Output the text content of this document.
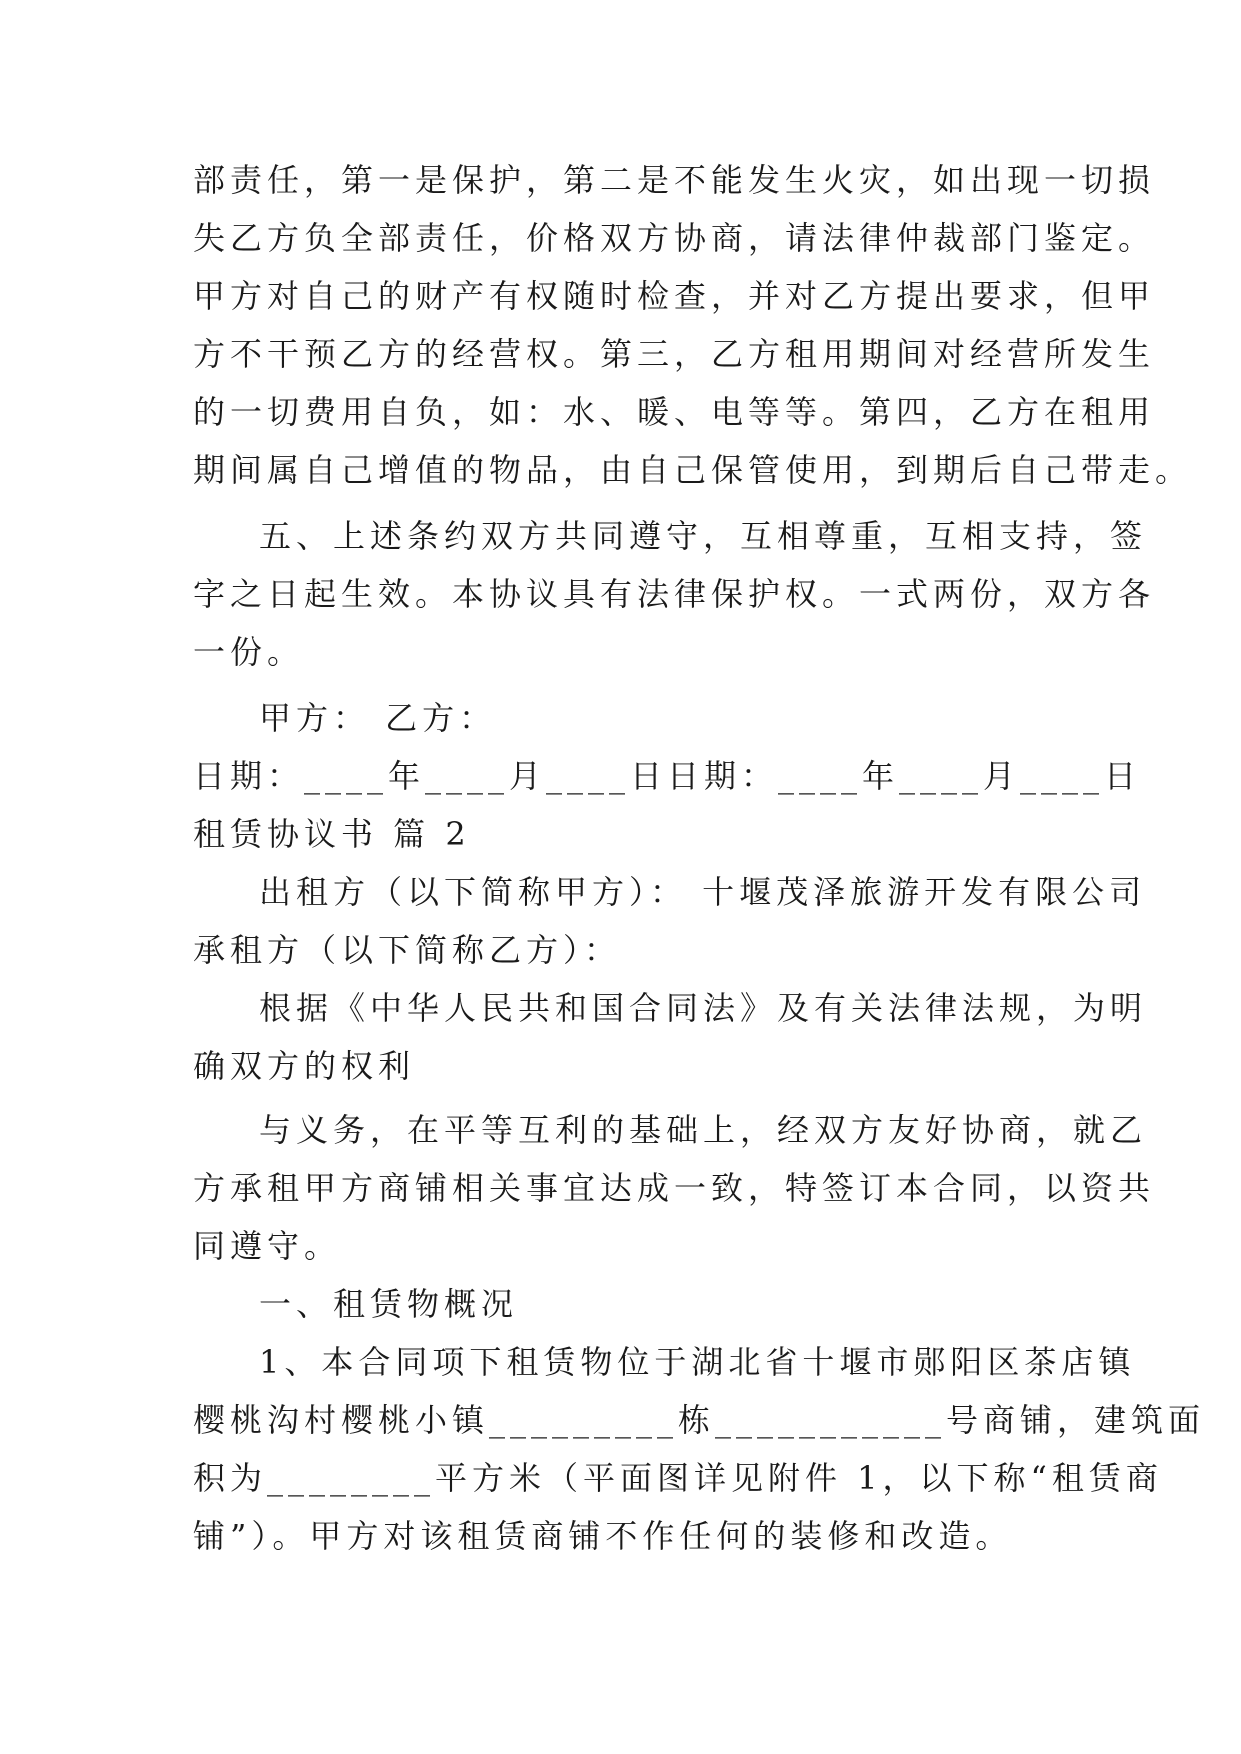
部责任，第一是保护，第二是不能发生火灾，如出现一切损
失乙方负全部责任，价格双方协商，请法律仲裁部门鉴定。
甲方对自己的财产有权随时检查，并对乙方提出要求，但甲
方不干预乙方的经营权。第三，乙方租用期间对经营所发生
的一切费用自负，如：水、暖、电等等。第四，乙方在租用
期间属自己增值的物品，由自己保管使用，到期后自己带走。
五、上述条约双方共同遵守，互相尊重，互相支持，签
字之日起生效。本协议具有法律保护权。一式两份，双方各
一份。
甲方： 乙方：
日期：____年____月____日日期：____年____月____日
租赁协议书 篇 2
出租方（以下简称甲方）： 十堰茂泽旅游开发有限公司
承租方（以下简称乙方）：
根据《中华人民共和国合同法》及有关法律法规，为明
确双方的权利
与义务，在平等互利的基础上，经双方友好协商，就乙
方承租甲方商铺相关事宜达成一致，特签订本合同，以资共
同遵守。
一、租赁物概况
1、本合同项下租赁物位于湖北省十堰市郧阳区茶店镇
樱桃沟村樱桃小镇_________栋___________号商铺，建筑面
积为________平方米（平面图详见附件 1，以下称“租赁商
铺”）。甲方对该租赁商铺不作任何的装修和改造。
